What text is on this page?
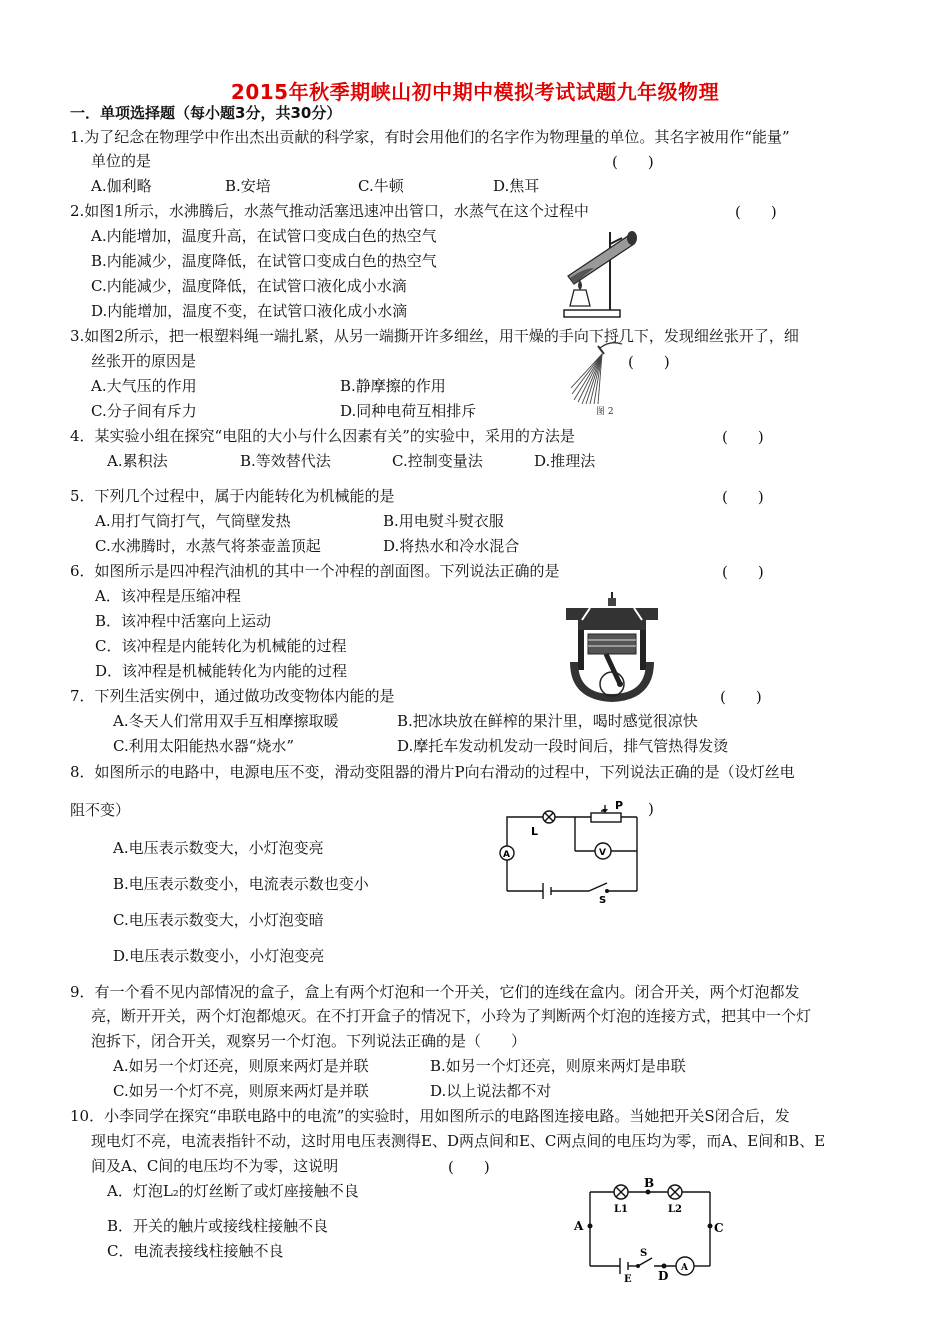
2015年秋季期峡山初中期中模拟考试试题九年级物理
一．单项选择题（每小题3分，共30分）
1.为了纪念在物理学中作出杰出贡献的科学家，有时会用他们的名字作为物理量的单位。其名字被用作“能量”
单位的是	(　　)
A.伽利略	B.安培	C.牛顿	D.焦耳
2.如图1所示，水沸腾后，水蒸气推动活塞迅速冲出管口，水蒸气在这个过程中	(　　)
A.内能增加，温度升高，在试管口变成白色的热空气
B.内能减少，温度降低，在试管口变成白色的热空气
C.内能减少，温度降低，在试管口液化成小水滴
D.内能增加，温度不变，在试管口液化成小水滴
3.如图2所示，把一根塑料绳一端扎紧，从另一端撕开许多细丝，用干燥的手向下捋几下，发现细丝张开了，细
丝张开的原因是	(　　)
A.大气压的作用	B.静摩擦的作用
C.分子间有斥力	D.同种电荷互相排斥	图 2
4．某实验小组在探究“电阻的大小与什么因素有关”的实验中，采用的方法是	(　　)
A.累积法	B.等效替代法	C.控制变量法	D.推理法
5．下列几个过程中，属于内能转化为机械能的是	(　　)
A.用打气筒打气，气筒壁发热	B.用电熨斗熨衣服
C.水沸腾时，水蒸气将茶壶盖顶起	D.将热水和冷水混合
6．如图所示是四冲程汽油机的其中一个冲程的剖面图。下列说法正确的是	(　　)
A．该冲程是压缩冲程
B．该冲程中活塞向上运动
C．该冲程是内能转化为机械能的过程
D．该冲程是机械能转化为内能的过程
7．下列生活实例中，通过做功改变物体内能的是	(　　)
A.冬天人们常用双手互相摩擦取暖	B.把冰块放在鲜榨的果汁里，喝时感觉很凉快
C.利用太阳能热水器“烧水”	D.摩托车发动机发动一段时间后，排气管热得发烫
8．如图所示的电路中，电源电压不变，滑动变阻器的滑片P向右滑动的过程中，下列说法正确的是（设灯丝电
阻不变）	)
A.电压表示数变大，小灯泡变亮
B.电压表示数变小，电流表示数也变小
C.电压表示数变大，小灯泡变暗
D.电压表示数变小，小灯泡变亮
P
L
A	V
S
9．有一个看不见内部情况的盒子，盒上有两个灯泡和一个开关，它们的连线在盒内。闭合开关，两个灯泡都发
亮，断开开关，两个灯泡都熄灭。在不打开盒子的情况下，小玲为了判断两个灯泡的连接方式，把其中一个灯
泡拆下，闭合开关，观察另一个灯泡。下列说法正确的是（　　）
A.如另一个灯还亮，则原来两灯是并联	B.如另一个灯还亮，则原来两灯是串联
C.如另一个灯不亮，则原来两灯是并联	D.以上说法都不对
10．小李同学在探究“串联电路中的电流”的实验时，用如图所示的电路图连接电路。当她把开关S闭合后，发
现电灯不亮，电流表指针不动，这时用电压表测得E、D两点间和E、C两点间的电压均为零，而A、E间和B、E
间及A、C间的电压均不为零，这说明	(　　)
A．灯泡L₂的灯丝断了或灯座接触不良
B．开关的触片或接线柱接触不良
C．电流表接线柱接触不良
A
B
C
D
E
S
L1	L2
A
